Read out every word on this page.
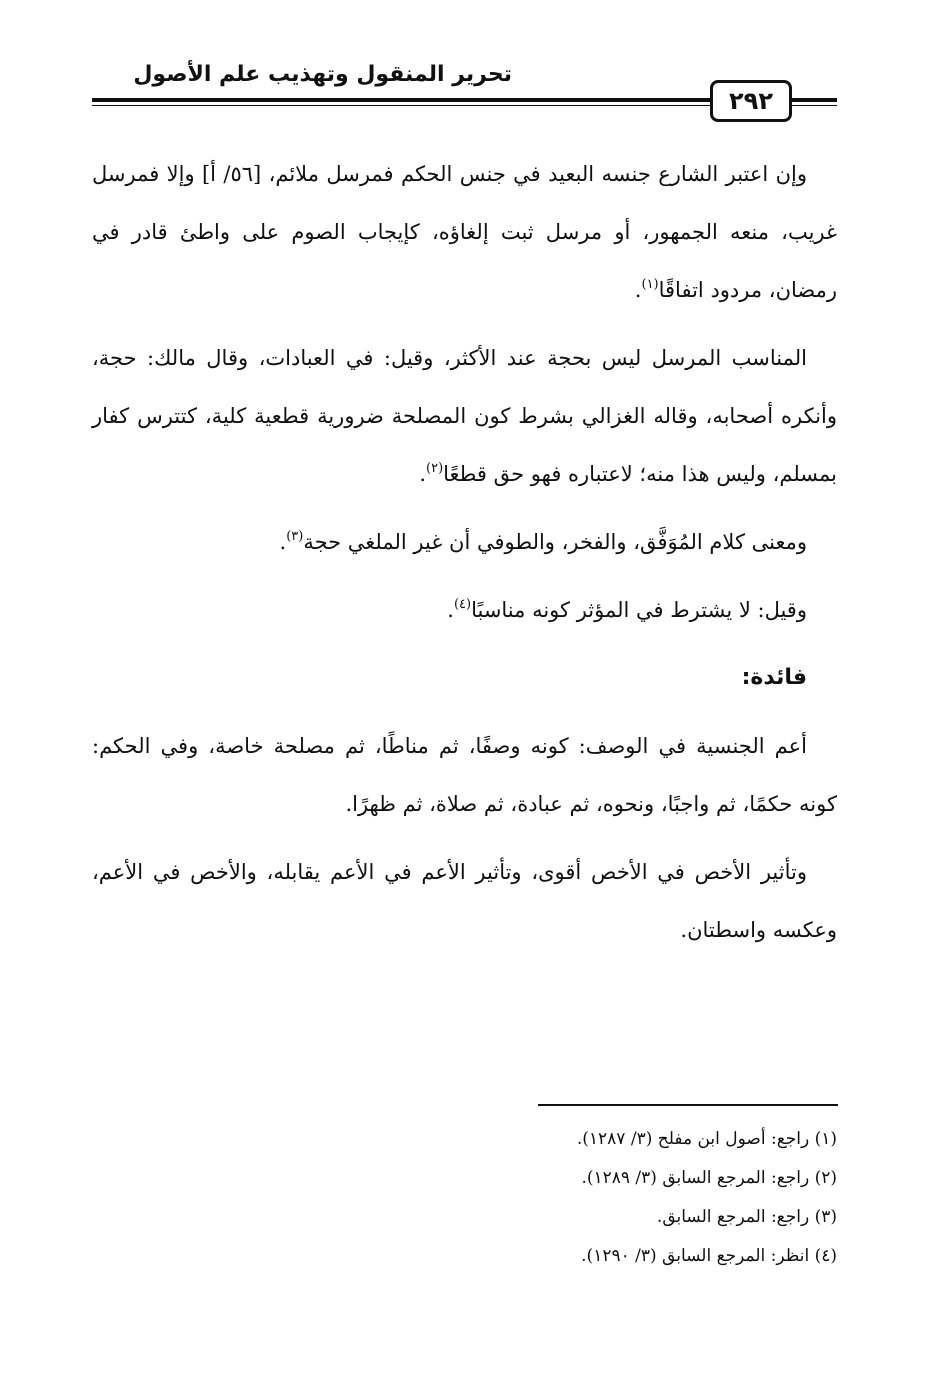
تحرير المنقول وتهذيب علم الأصول
٢٩٢

وإن اعتبر الشارع جنسه البعيد في جنس الحكم فمرسل ملائم، [٥٦/ أ] وإلا فمرسل غريب، منعه الجمهور، أو مرسل ثبت إلغاؤه، كإيجاب الصوم على واطئ قادر في رمضان، مردود اتفاقًا$^{(١)}$.

المناسب المرسل ليس بحجة عند الأكثر، وقيل: في العبادات، وقال مالك: حجة، وأنكره أصحابه، وقاله الغزالي بشرط كون المصلحة ضرورية قطعية كلية، كتترس كفار بمسلم، وليس هذا منه؛ لاعتباره فهو حق قطعًا$^{(٢)}$.

ومعنى كلام المُوَفَّق، والفخر، والطوفي أن غير الملغي حجة$^{(٣)}$.

وقيل: لا يشترط في المؤثر كونه مناسبًا$^{(٤)}$.

فائدة:

أعم الجنسية في الوصف: كونه وصفًا، ثم مناطًا، ثم مصلحة خاصة، وفي الحكم: كونه حكمًا، ثم واجبًا، ونحوه، ثم عبادة، ثم صلاة، ثم ظهرًا.

وتأثير الأخص في الأخص أقوى، وتأثير الأعم في الأعم يقابله، والأخص في الأعم، وعكسه واسطتان.

(١) راجع: أصول ابن مفلح (٣/ ١٢٨٧).
(٢) راجع: المرجع السابق (٣/ ١٢٨٩).
(٣) راجع: المرجع السابق.
(٤) انظر: المرجع السابق (٣/ ١٢٩٠).
